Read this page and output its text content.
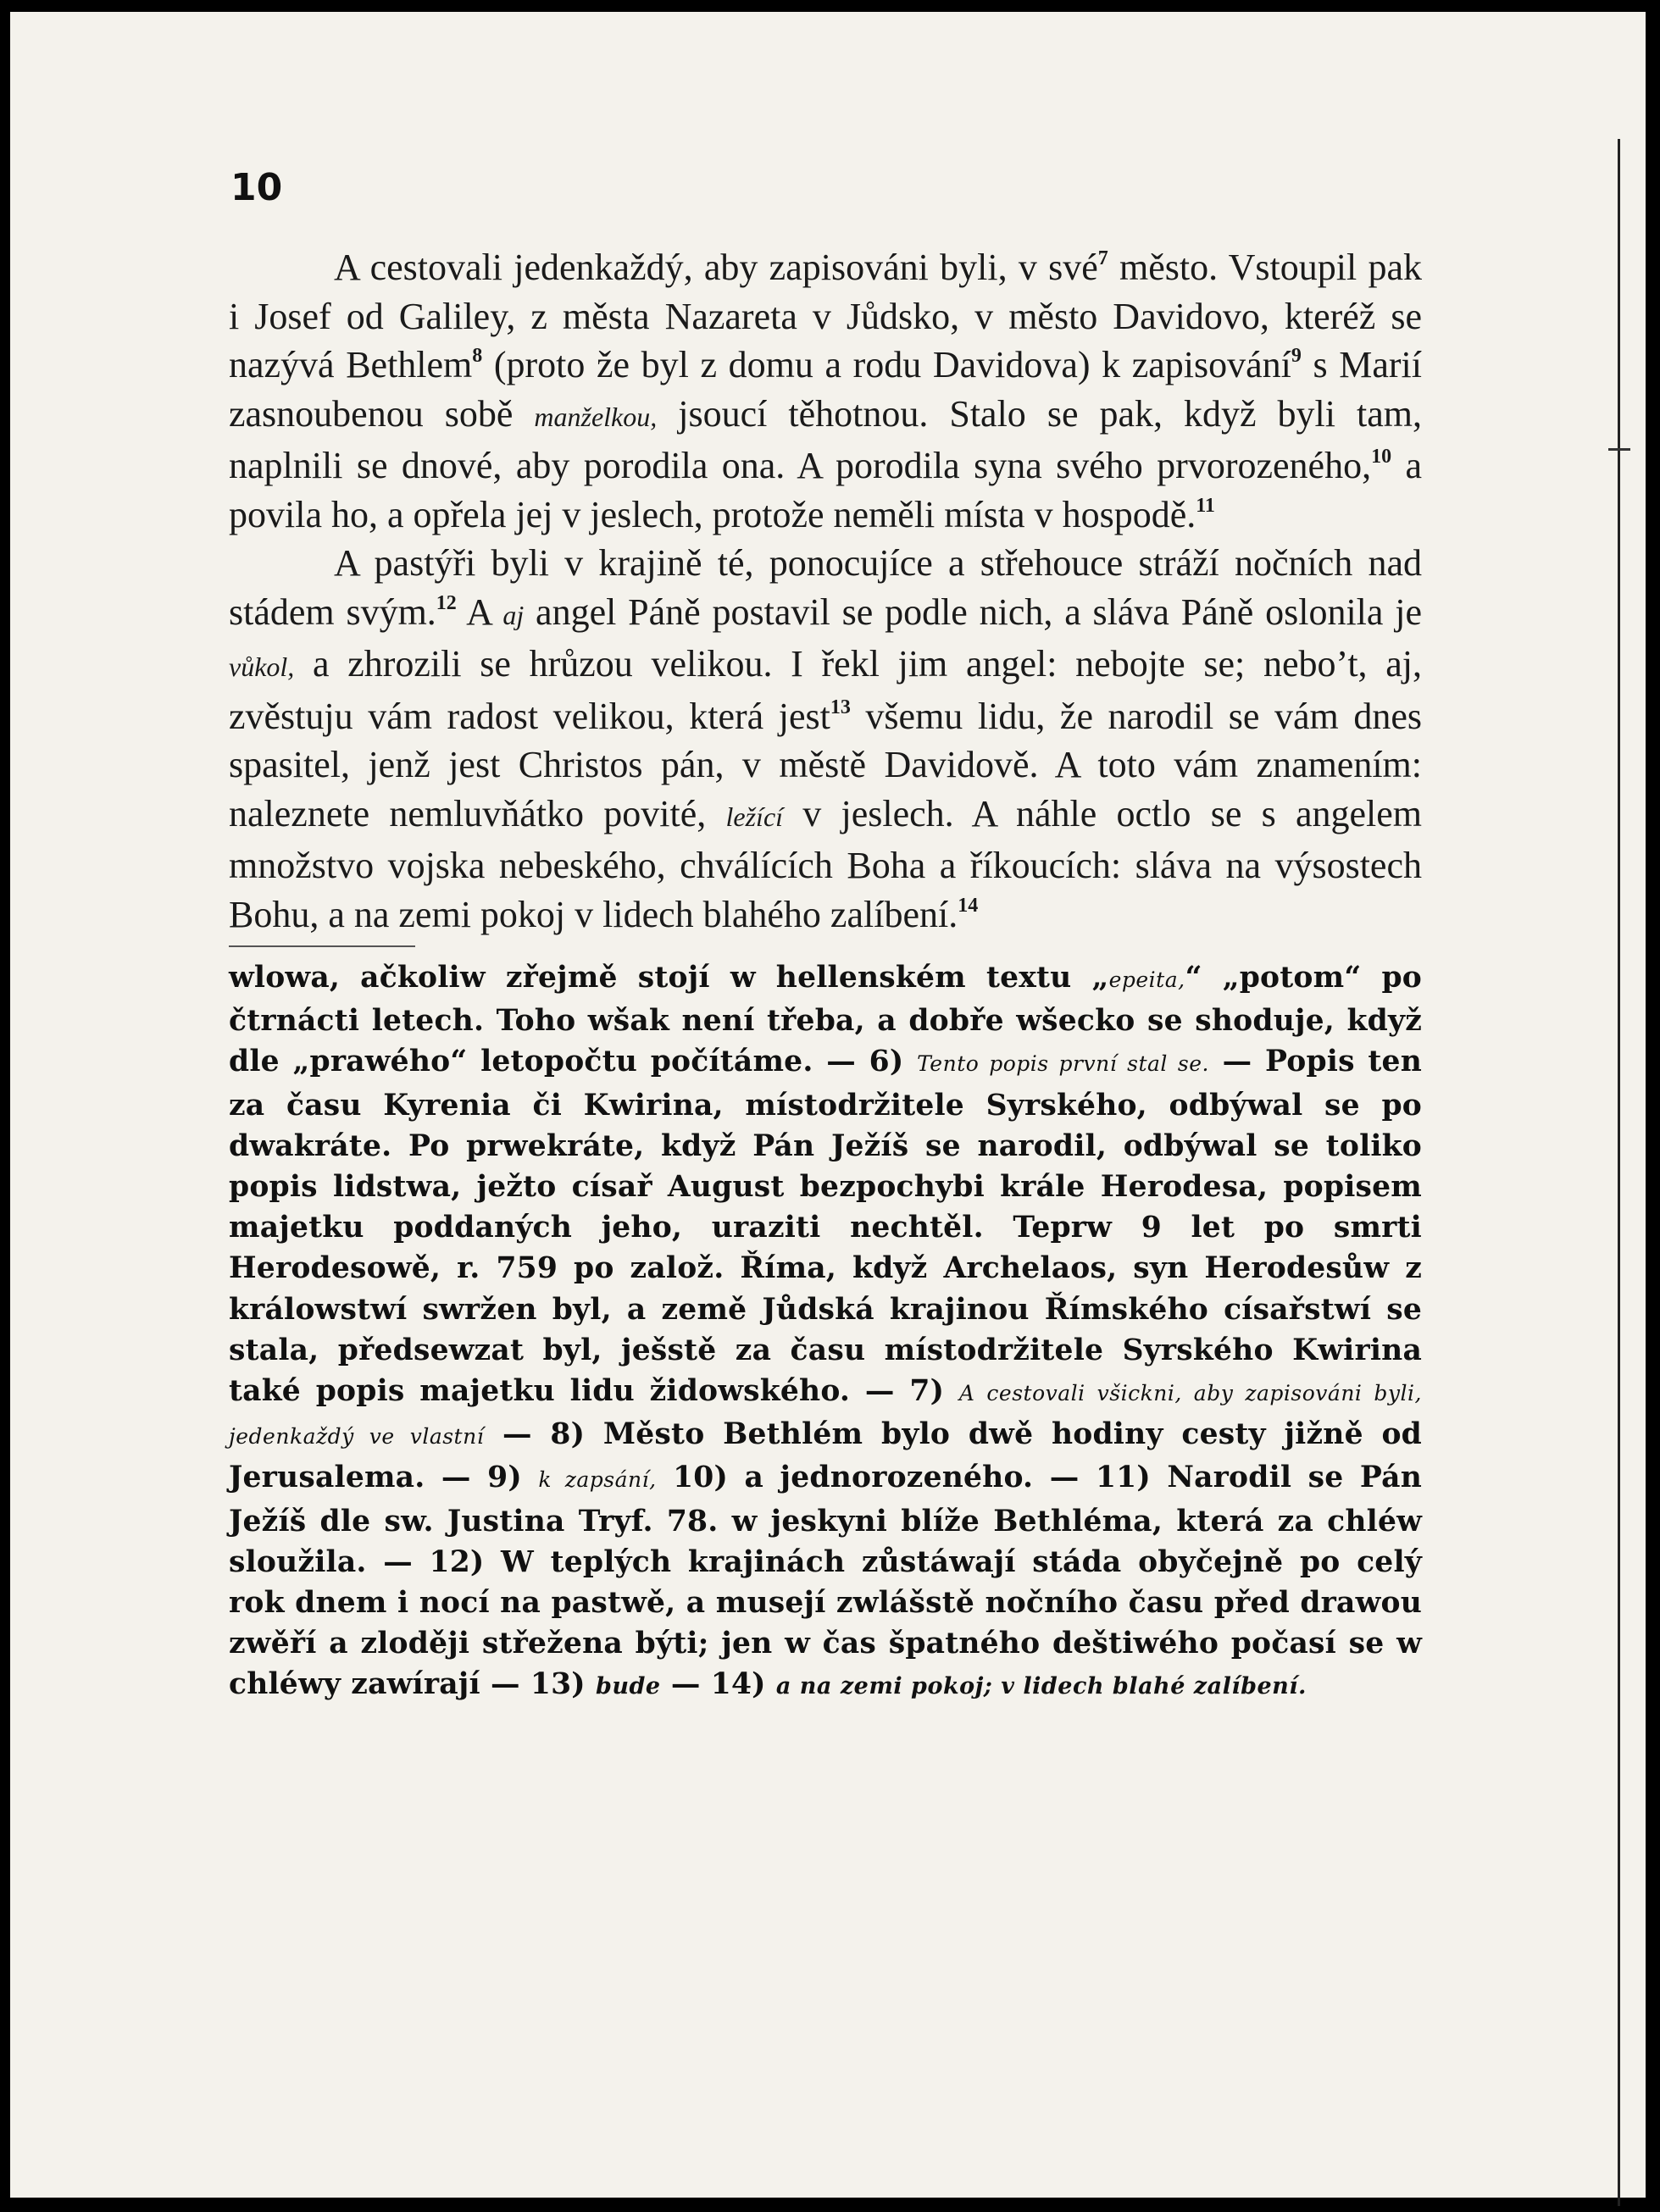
10

A cestovali jedenkaždý, aby zapisováni byli, v své$^7$ město. Vstoupil pak i Josef od Galiley, z města Nazareta v Jůdsko, v město Davidovo, kteréž se nazývá Bethlem$^8$ (proto že byl z domu a rodu Davidova) k zapisování$^9$ s Marií zasnoubenou sobě manželkou, jsoucí těhotnou. Stalo se pak, když byli tam, naplnili se dnové, aby porodila ona. A porodila syna svého prvorozeného,$^{10}$ a povila ho, a opřela jej v jeslech, protože neměli místa v hospodě.$^{11}$

A pastýři byli v krajině té, ponocujíce a střehouce stráží nočních nad stádem svým.$^{12}$ A aj angel Páně postavil se podle nich, a sláva Páně oslonila je vůkol, a zhrozili se hrůzou velikou. I řekl jim angel: nebojte se; nebo’t, aj, zvěstuju vám radost velikou, která jest$^{13}$ všemu lidu, že narodil se vám dnes spasitel, jenž jest Christos pán, v městě Davidově. A toto vám znamením: naleznete nemluvňátko povité, ležící v jeslech. A náhle octlo se s angelem množstvo vojska nebeského, chválících Boha a říkoucích: sláva na výsostech Bohu, a na zemi pokoj v lidech blahého zalíbení.$^{14}$

wlowa, ačkoliw zřejmě stojí w hellenském textu „epeita,“ „potom“ po čtrnácti letech. Toho wšak není třeba, a dobře wšecko se shoduje, když dle „prawého“ letopočtu počítáme. — 6) Tento popis první stal se. — Popis ten za času Kyrenia či Kwirina, místodržitele Syrského, odbýwal se po dwakráte. Po prwekráte, když Pán Ježíš se narodil, odbýwal se toliko popis lidstwa, ježto císař August bezpochybi krále Herodesa, popisem majetku poddaných jeho, uraziti nechtěl. Teprw 9 let po smrti Herodesowě, r. 759 po založ. Říma, když Archelaos, syn Herodesůw z králowstwí swržen byl, a země Jůdská krajinou Římského císařstwí se stala, předsewzat byl, ješstě za času místodržitele Syrského Kwirina také popis majetku lidu židowského. — 7) A cestovali všickni, aby zapisováni byli, jedenkaždý ve vlastní — 8) Město Bethlém bylo dwě hodiny cesty jižně od Jerusalema. — 9) k zapsání, 10) a jednorozeného. — 11) Narodil se Pán Ježíš dle sw. Justina Tryf. 78. w jeskyni blíže Bethléma, která za chléw sloužila. — 12) W teplých krajinách zůstáwají stáda obyčejně po celý rok dnem i nocí na pastwě, a musejí zwlášstě nočního času před drawou zwěří a zloději střežena býti; jen w čas špatného deštiwého počasí se w chléwy zawírají — 13) bude — 14) a na zemi pokoj; v lidech blahé zalíbení.
